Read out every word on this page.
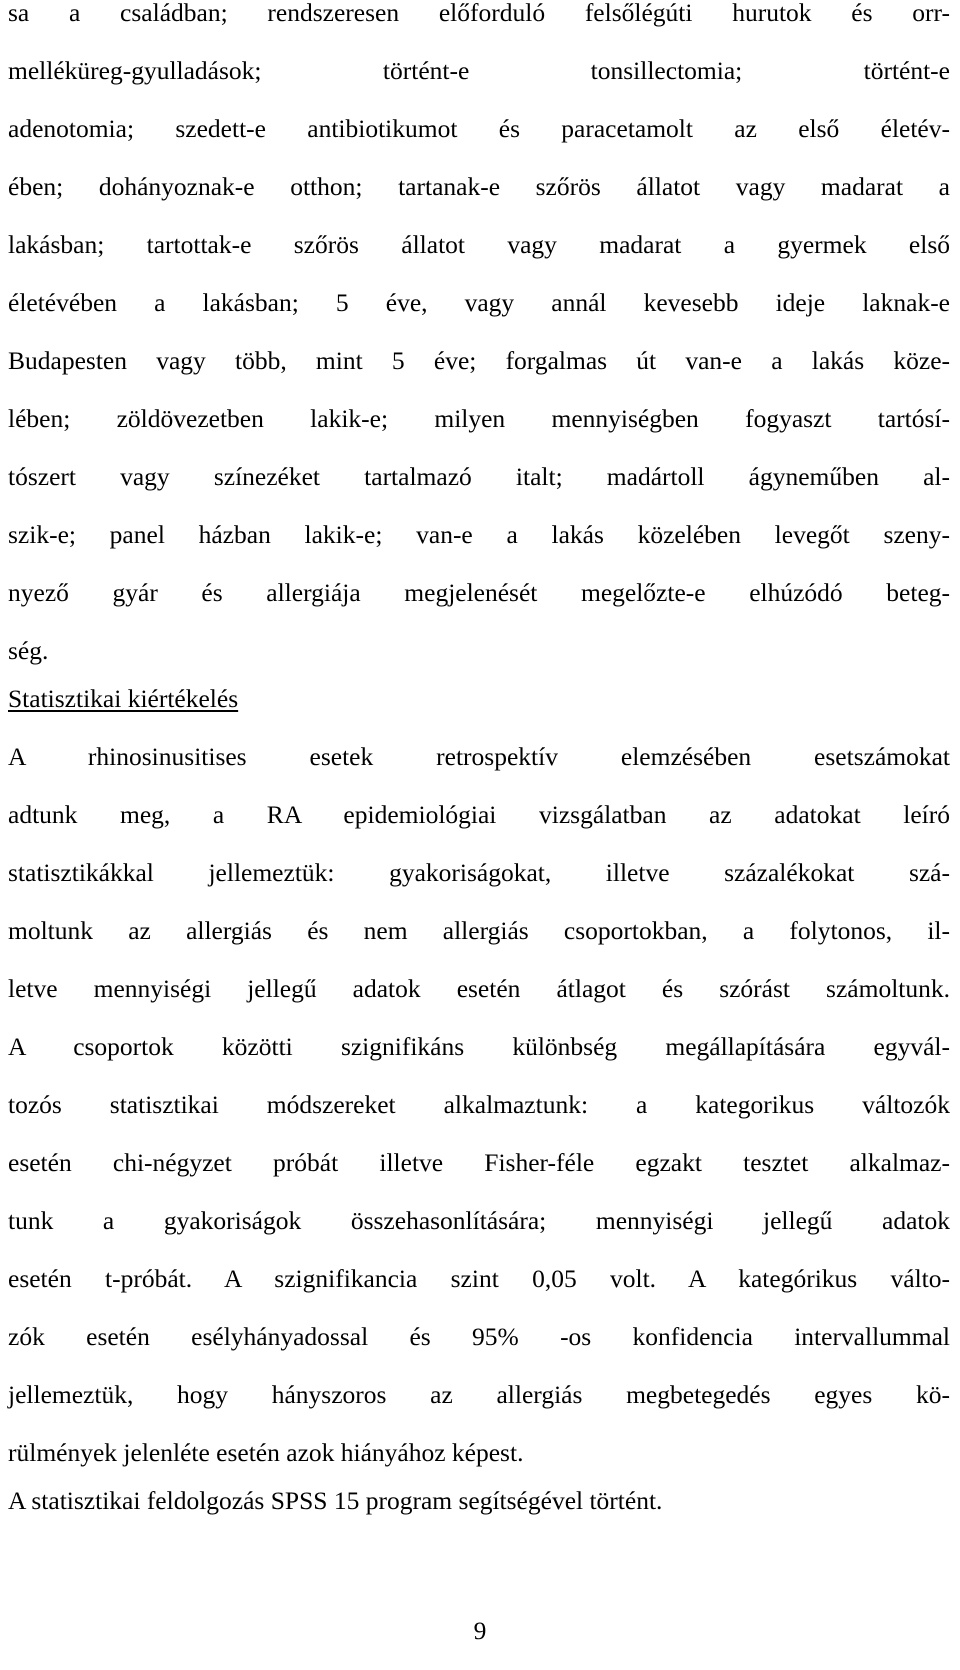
sa a családban; rendszeresen előforduló felsőlégúti hurutok és orr-
melléküreg-gyulladások; történt-e tonsillectomia; történt-e
adenotomia; szedett-e antibiotikumot és paracetamolt az első életév-
ében; dohányoznak-e otthon; tartanak-e szőrös állatot vagy madarat a
lakásban; tartottak-e szőrös állatot vagy madarat a gyermek első
életévében a lakásban; 5 éve, vagy annál kevesebb ideje laknak-e
Budapesten vagy több, mint 5 éve; forgalmas út van-e a lakás köze-
lében; zöldövezetben lakik-e; milyen mennyiségben fogyaszt tartósí-
tószert vagy színezéket tartalmazó italt; madártoll ágyneműben al-
szik-e; panel házban lakik-e; van-e a lakás közelében levegőt szeny-
nyező gyár és allergiája megjelenését megelőzte-e elhúzódó beteg-
ség.
Statisztikai kiértékelés
A rhinosinusitises esetek retrospektív elemzésében esetszámokat
adtunk meg, a RA epidemiológiai vizsgálatban az adatokat leíró
statisztikákkal jellemeztük: gyakoriságokat, illetve százalékokat szá-
moltunk az allergiás és nem allergiás csoportokban, a folytonos, il-
letve mennyiségi jellegű adatok esetén átlagot és szórást számoltunk.
A csoportok közötti szignifikáns különbség megállapítására egyvál-
tozós statisztikai módszereket alkalmaztunk: a kategorikus változók
esetén chi-négyzet próbát illetve Fisher-féle egzakt tesztet alkalmaz-
tunk a gyakoriságok összehasonlítására; mennyiségi jellegű adatok
esetén t-próbát. A szignifikancia szint 0,05 volt. A kategórikus válto-
zók esetén esélyhányadossal és 95% -os konfidencia intervallummal
jellemeztük, hogy hányszoros az allergiás megbetegedés egyes kö-
rülmények jelenléte esetén azok hiányához képest.
A statisztikai feldolgozás SPSS 15 program segítségével történt.
9
